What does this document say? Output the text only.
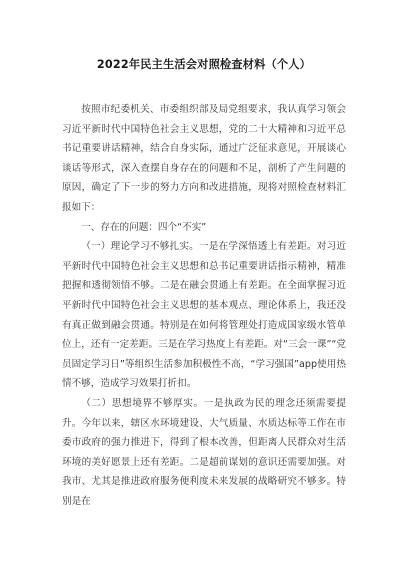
2022年民主生活会对照检查材料（个人）

按照市纪委机关、市委组织部及局党组要求，我认真学习领会习近平新时代中国特色社会主义思想，党的二十大精神和习近平总书记重要讲话精神，结合自身实际，通过广泛征求意见，开展谈心谈话等形式，深入查摆自身存在的问题和不足，剖析了产生问题的原因，确定了下一步的努力方向和改进措施，现将对照检查材料汇报如下：

一、存在的问题：四个“不实”

（一）理论学习不够扎实。一是在学深悟透上有差距。对习近平新时代中国特色社会主义思想和总书记重要讲话指示精神，精准把握和透彻领悟不够。二是在融会贯通上有差距。在全面掌握习近平新时代中国特色社会主义思想的基本观点、理论体系上，我还没有真正做到融会贯通。特别是在如何将管理处打造成国家级水管单位上，还有一定差距。三是在学习热度上有差距。对“三会一课”“党员固定学习日”等组织生活参加积极性不高，“学习强国”app使用热情不够，造成学习效果打折扣。

（二）思想境界不够厚实。一是执政为民的理念还须需要提升。今年以来，辖区水环境建设、大气质量、水质达标等工作在市委市政府的强力推进下，得到了根本改善，但距离人民群众对生活环境的美好愿景上还有差距。二是超前谋划的意识还需要加强。对我市、尤其是推进政府服务便利度未来发展的战略研究不够多。特别是在
